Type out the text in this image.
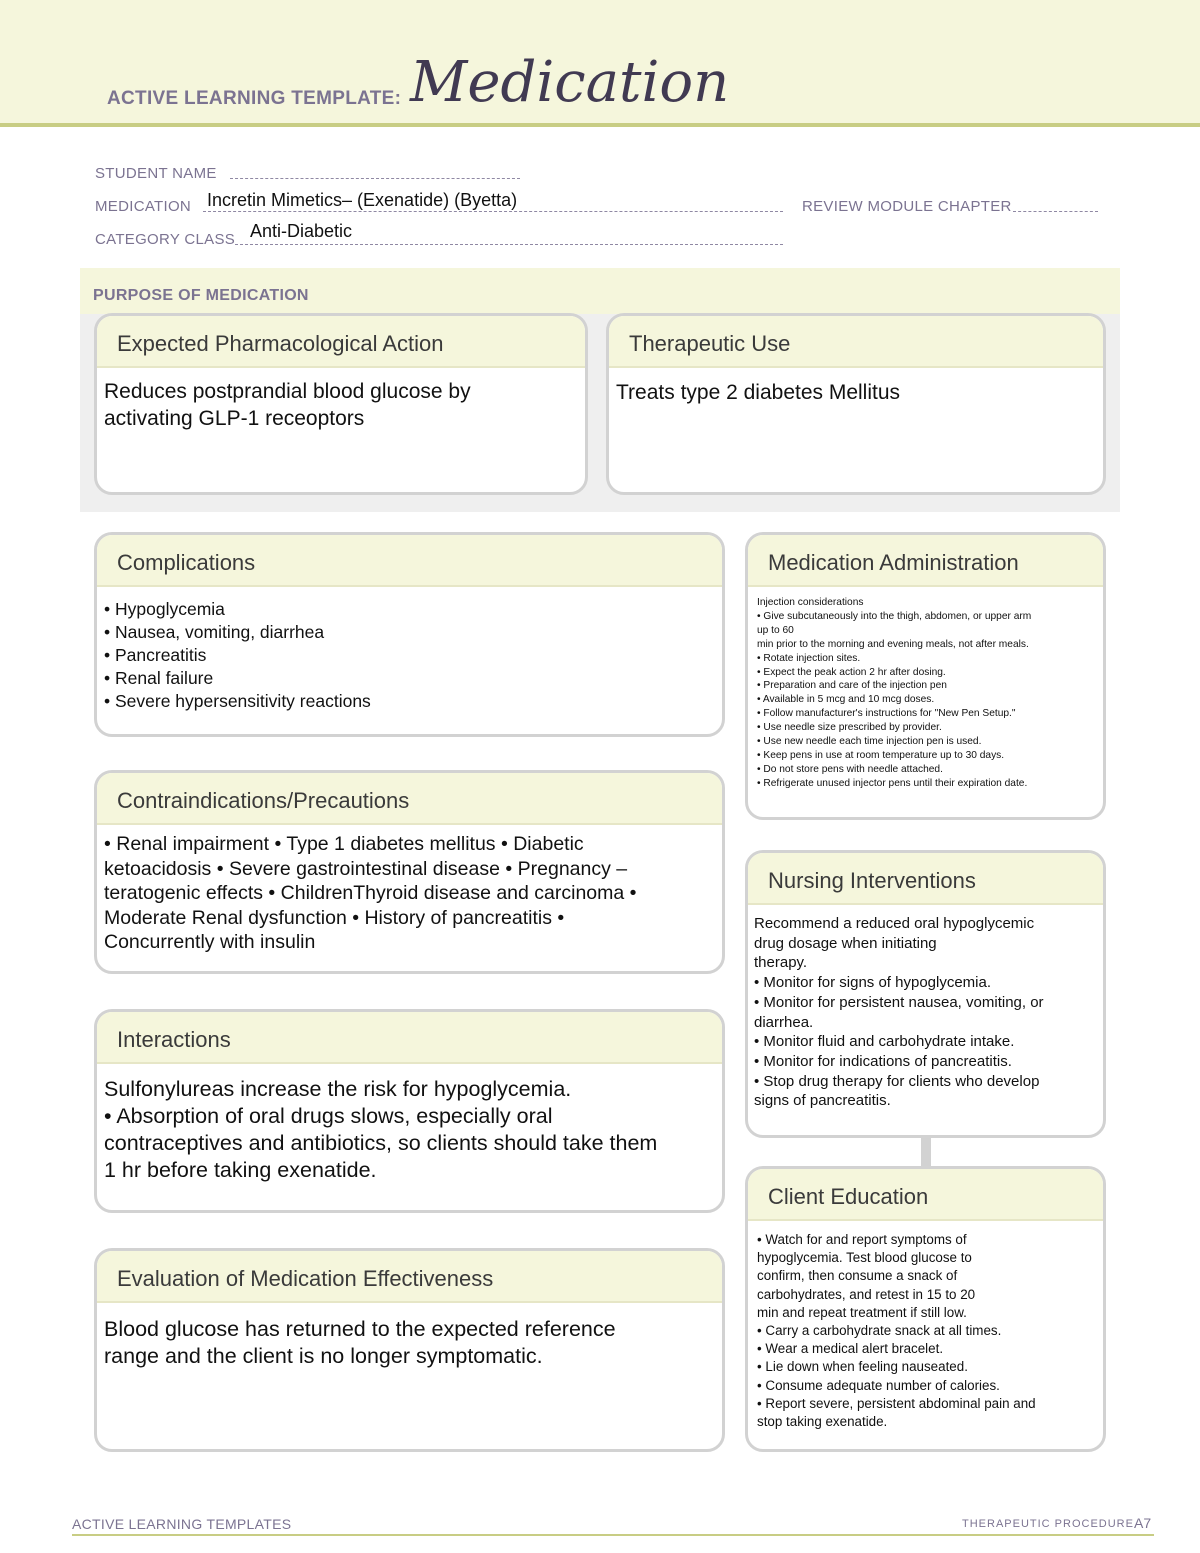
ACTIVE LEARNING TEMPLATE: Medication
STUDENT NAME
MEDICATION Incretin Mimetics– (Exenatide) (Byetta)	REVIEW MODULE CHAPTER
CATEGORY CLASS Anti-Diabetic
PURPOSE OF MEDICATION
Expected Pharmacological Action
Reduces postprandial blood glucose by
activating GLP-1 receoptors
Therapeutic Use
Treats type 2 diabetes Mellitus
Complications
• Hypoglycemia
• Nausea, vomiting, diarrhea
• Pancreatitis
• Renal failure
• Severe hypersensitivity reactions
Contraindications/Precautions
• Renal impairment • Type 1 diabetes mellitus • Diabetic
ketoacidosis • Severe gastrointestinal disease • Pregnancy –
teratogenic effects • ChildrenThyroid disease and carcinoma •
Moderate Renal dysfunction • History of pancreatitis •
Concurrently with insulin
Interactions
Sulfonylureas increase the risk for hypoglycemia.
• Absorption of oral drugs slows, especially oral
contraceptives and antibiotics, so clients should take them
1 hr before taking exenatide.
Evaluation of Medication Effectiveness
Blood glucose has returned to the expected reference
range and the client is no longer symptomatic.
Medication Administration
Injection considerations
• Give subcutaneously into the thigh, abdomen, or upper arm
up to 60
min prior to the morning and evening meals, not after meals.
• Rotate injection sites.
• Expect the peak action 2 hr after dosing.
• Preparation and care of the injection pen
• Available in 5 mcg and 10 mcg doses.
• Follow manufacturer's instructions for "New Pen Setup."
• Use needle size prescribed by provider.
• Use new needle each time injection pen is used.
• Keep pens in use at room temperature up to 30 days.
• Do not store pens with needle attached.
• Refrigerate unused injector pens until their expiration date.
Nursing Interventions
Recommend a reduced oral hypoglycemic
drug dosage when initiating
therapy.
• Monitor for signs of hypoglycemia.
• Monitor for persistent nausea, vomiting, or
diarrhea.
• Monitor fluid and carbohydrate intake.
• Monitor for indications of pancreatitis.
• Stop drug therapy for clients who develop
signs of pancreatitis.
Client Education
• Watch for and report symptoms of
hypoglycemia. Test blood glucose to
confirm, then consume a snack of
carbohydrates, and retest in 15 to 20
min and repeat treatment if still low.
• Carry a carbohydrate snack at all times.
• Wear a medical alert bracelet.
• Lie down when feeling nauseated.
• Consume adequate number of calories.
• Report severe, persistent abdominal pain and
stop taking exenatide.
ACTIVE LEARNING TEMPLATES	THERAPEUTIC PROCEDURE A7
